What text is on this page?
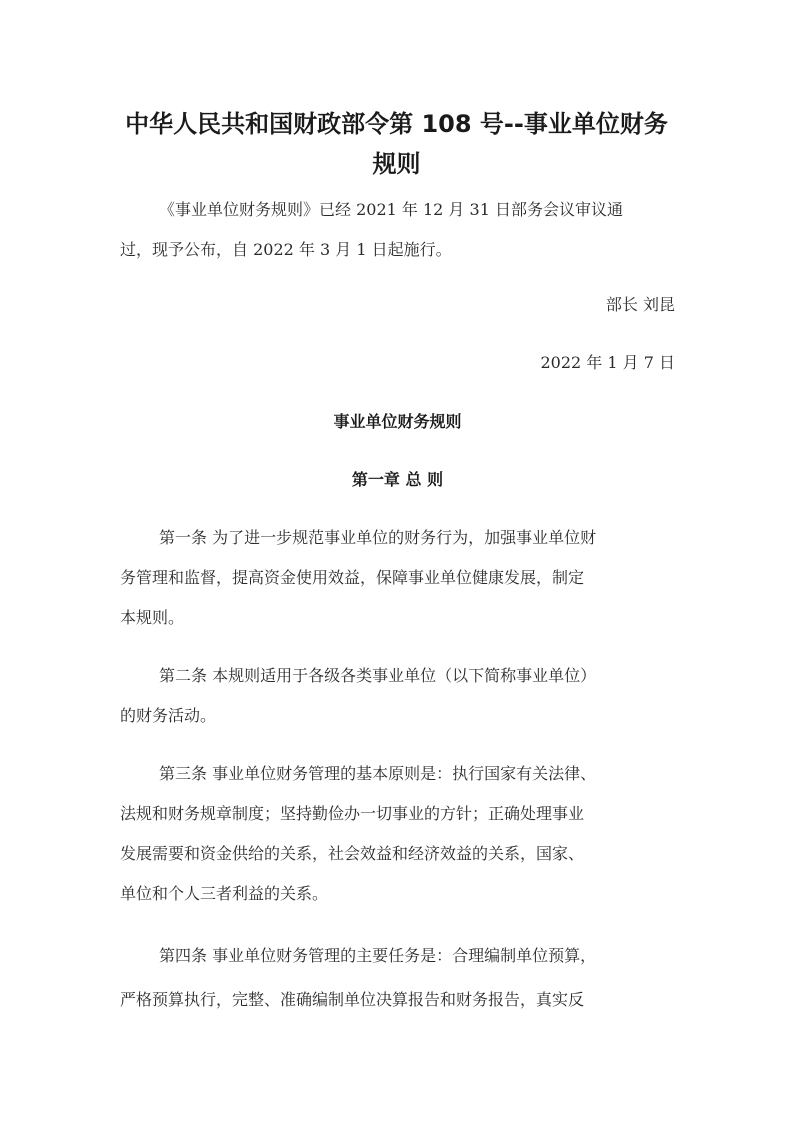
中华人民共和国财政部令第 108 号--事业单位财务
规则

《事业单位财务规则》已经 2021 年 12 月 31 日部务会议审议通

过，现予公布，自 2022 年 3 月 1 日起施行。

部长 刘昆

2022 年 1 月 7 日

事业单位财务规则

第一章 总 则

第一条 为了进一步规范事业单位的财务行为，加强事业单位财

务管理和监督，提高资金使用效益，保障事业单位健康发展，制定

本规则。

第二条 本规则适用于各级各类事业单位（以下简称事业单位）

的财务活动。

第三条 事业单位财务管理的基本原则是：执行国家有关法律、

法规和财务规章制度；坚持勤俭办一切事业的方针；正确处理事业

发展需要和资金供给的关系，社会效益和经济效益的关系，国家、

单位和个人三者利益的关系。

第四条 事业单位财务管理的主要任务是：合理编制单位预算，

严格预算执行，完整、准确编制单位决算报告和财务报告，真实反
